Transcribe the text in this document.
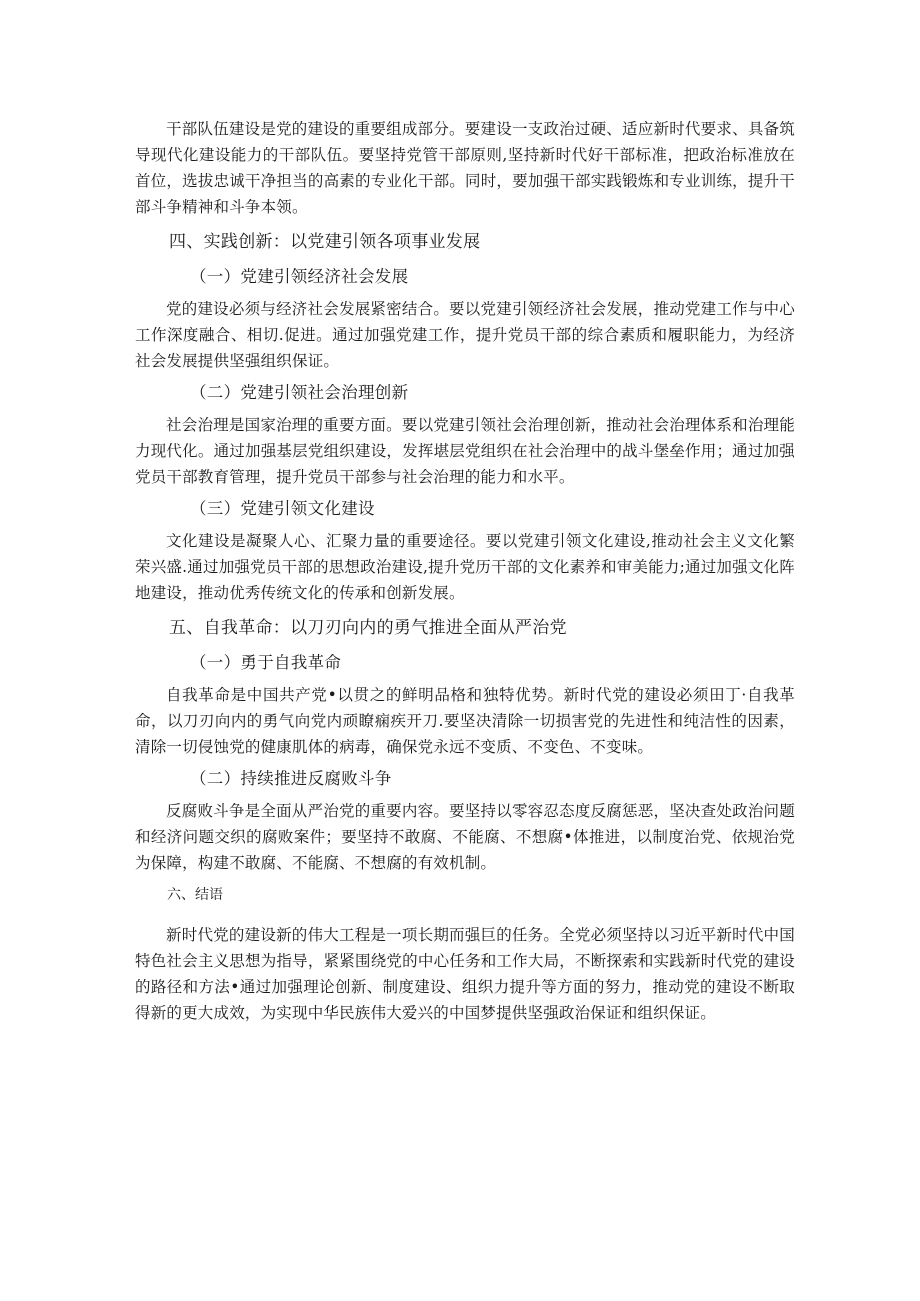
干部队伍建设是党的建设的重要组成部分。要建设一支政治过硬、适应新时代要求、具备筑导现代化建设能力的干部队伍。要坚持党管干部原则,坚持新时代好干部标准，把政治标准放在首位，选拔忠诚干净担当的高素的专业化干部。同时，要加强干部实践锻炼和专业训练，提升干部斗争精神和斗争本领。

四、实践创新：以党建引领各项事业发展
（一）党建引领经济社会发展

党的建设必须与经济社会发展紧密结合。要以党建引领经济社会发展，推动党建工作与中心工作深度融合、相切.促进。通过加强党建工作，提升党员干部的综合素质和履职能力，为经济社会发展提供坚强组织保证。

（二）党建引领社会治理创新

社会治理是国家治理的重要方面。要以党建引领社会治理创新，推动社会治理体系和治理能力现代化。通过加强基层党组织建设，发挥堪层党组织在社会治理中的战斗堡垒作用；通过加强党员干部教育管理，提升党员干部参与社会治理的能力和水平。

（三）党建引领文化建设

文化建设是凝聚人心、汇聚力量的重要途径。要以党建引领文化建设,推动社会主义文化繁荣兴盛.通过加强党员干部的思想政治建设,提升党历干部的文化素养和审美能力;通过加强文化阵地建设，推动优秀传统文化的传承和创新发展。

五、自我革命：以刀刃向内的勇气推进全面从严治党
（一）勇于自我革命

自我革命是中国共产党•以贯之的鲜明品格和独特优势。新时代党的建设必须田丁·自我革命，以刀刃向内的勇气向党内顽瞭痫疾开刀.要坚决清除一切损害党的先进性和纯洁性的因素，清除一切侵蚀党的健康肌体的病毒，确保党永远不变质、不变色、不变味。

（二）持续推进反腐败斗争

反腐败斗争是全面从严治党的重要内容。要坚持以零容忍态度反腐惩恶，坚决查处政治问题和经济问题交织的腐败案件；要坚持不敢腐、不能腐、不想腐•体推进，以制度治党、依规治党为保障，构建不敢腐、不能腐、不想腐的有效机制。

六、结语

新时代党的建设新的伟大工程是一项长期而强巨的任务。全党必须坚持以习近平新时代中国特色社会主义思想为指导，紧紧围绕党的中心任务和工作大局，不断探索和实践新时代党的建设的路径和方法•通过加强理论创新、制度建设、组织力提升等方面的努力，推动党的建设不断取得新的更大成效，为实现中华民族伟大爱兴的中国梦提供坚强政治保证和组织保证。
